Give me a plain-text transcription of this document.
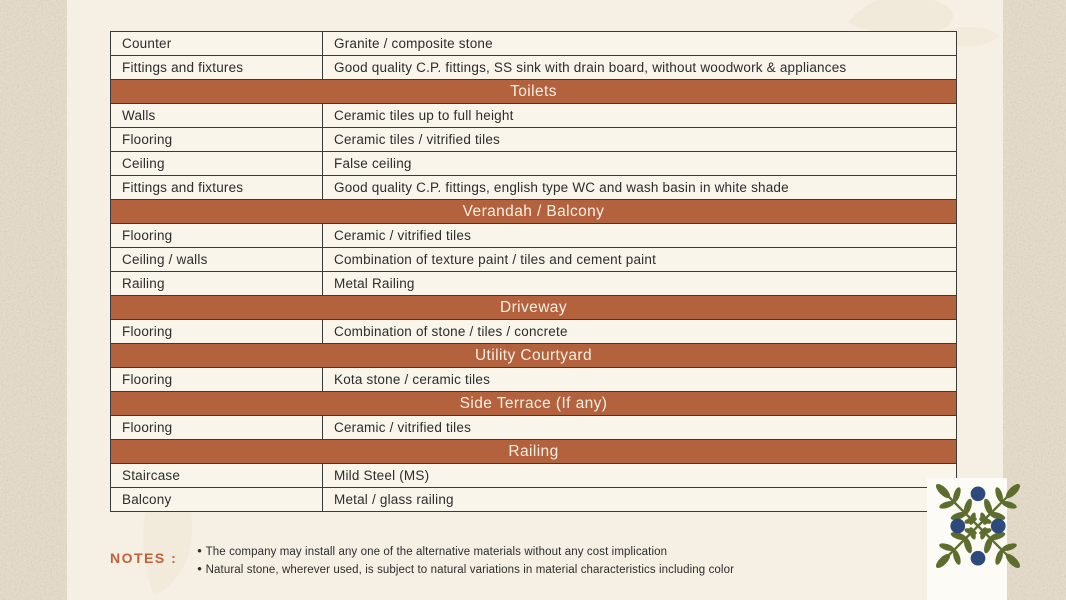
Counter	Granite / composite stone
Fittings and fixtures	Good quality C.P. fittings, SS sink with drain board, without woodwork & appliances
Toilets	
Walls	Ceramic tiles up to full height
Flooring	Ceramic tiles / vitrified tiles
Ceiling	False ceiling
Fittings and fixtures	Good quality C.P. fittings, english type WC and wash basin in white shade
Verandah / Balcony	
Flooring	Ceramic / vitrified tiles
Ceiling / walls	Combination of texture paint / tiles and cement paint
Railing	Metal Railing
Driveway	
Flooring	Combination of stone / tiles / concrete
Utility Courtyard	
Flooring	Kota stone / ceramic tiles
Side Terrace (If any)	
Flooring	Ceramic / vitrified tiles
Railing	
Staircase	Mild Steel (MS)
Balcony	Metal / glass railing
NOTES :	• The company may install any one of the alternative materials without any cost implication
• Natural stone, wherever used, is subject to natural variations in material characteristics including color
